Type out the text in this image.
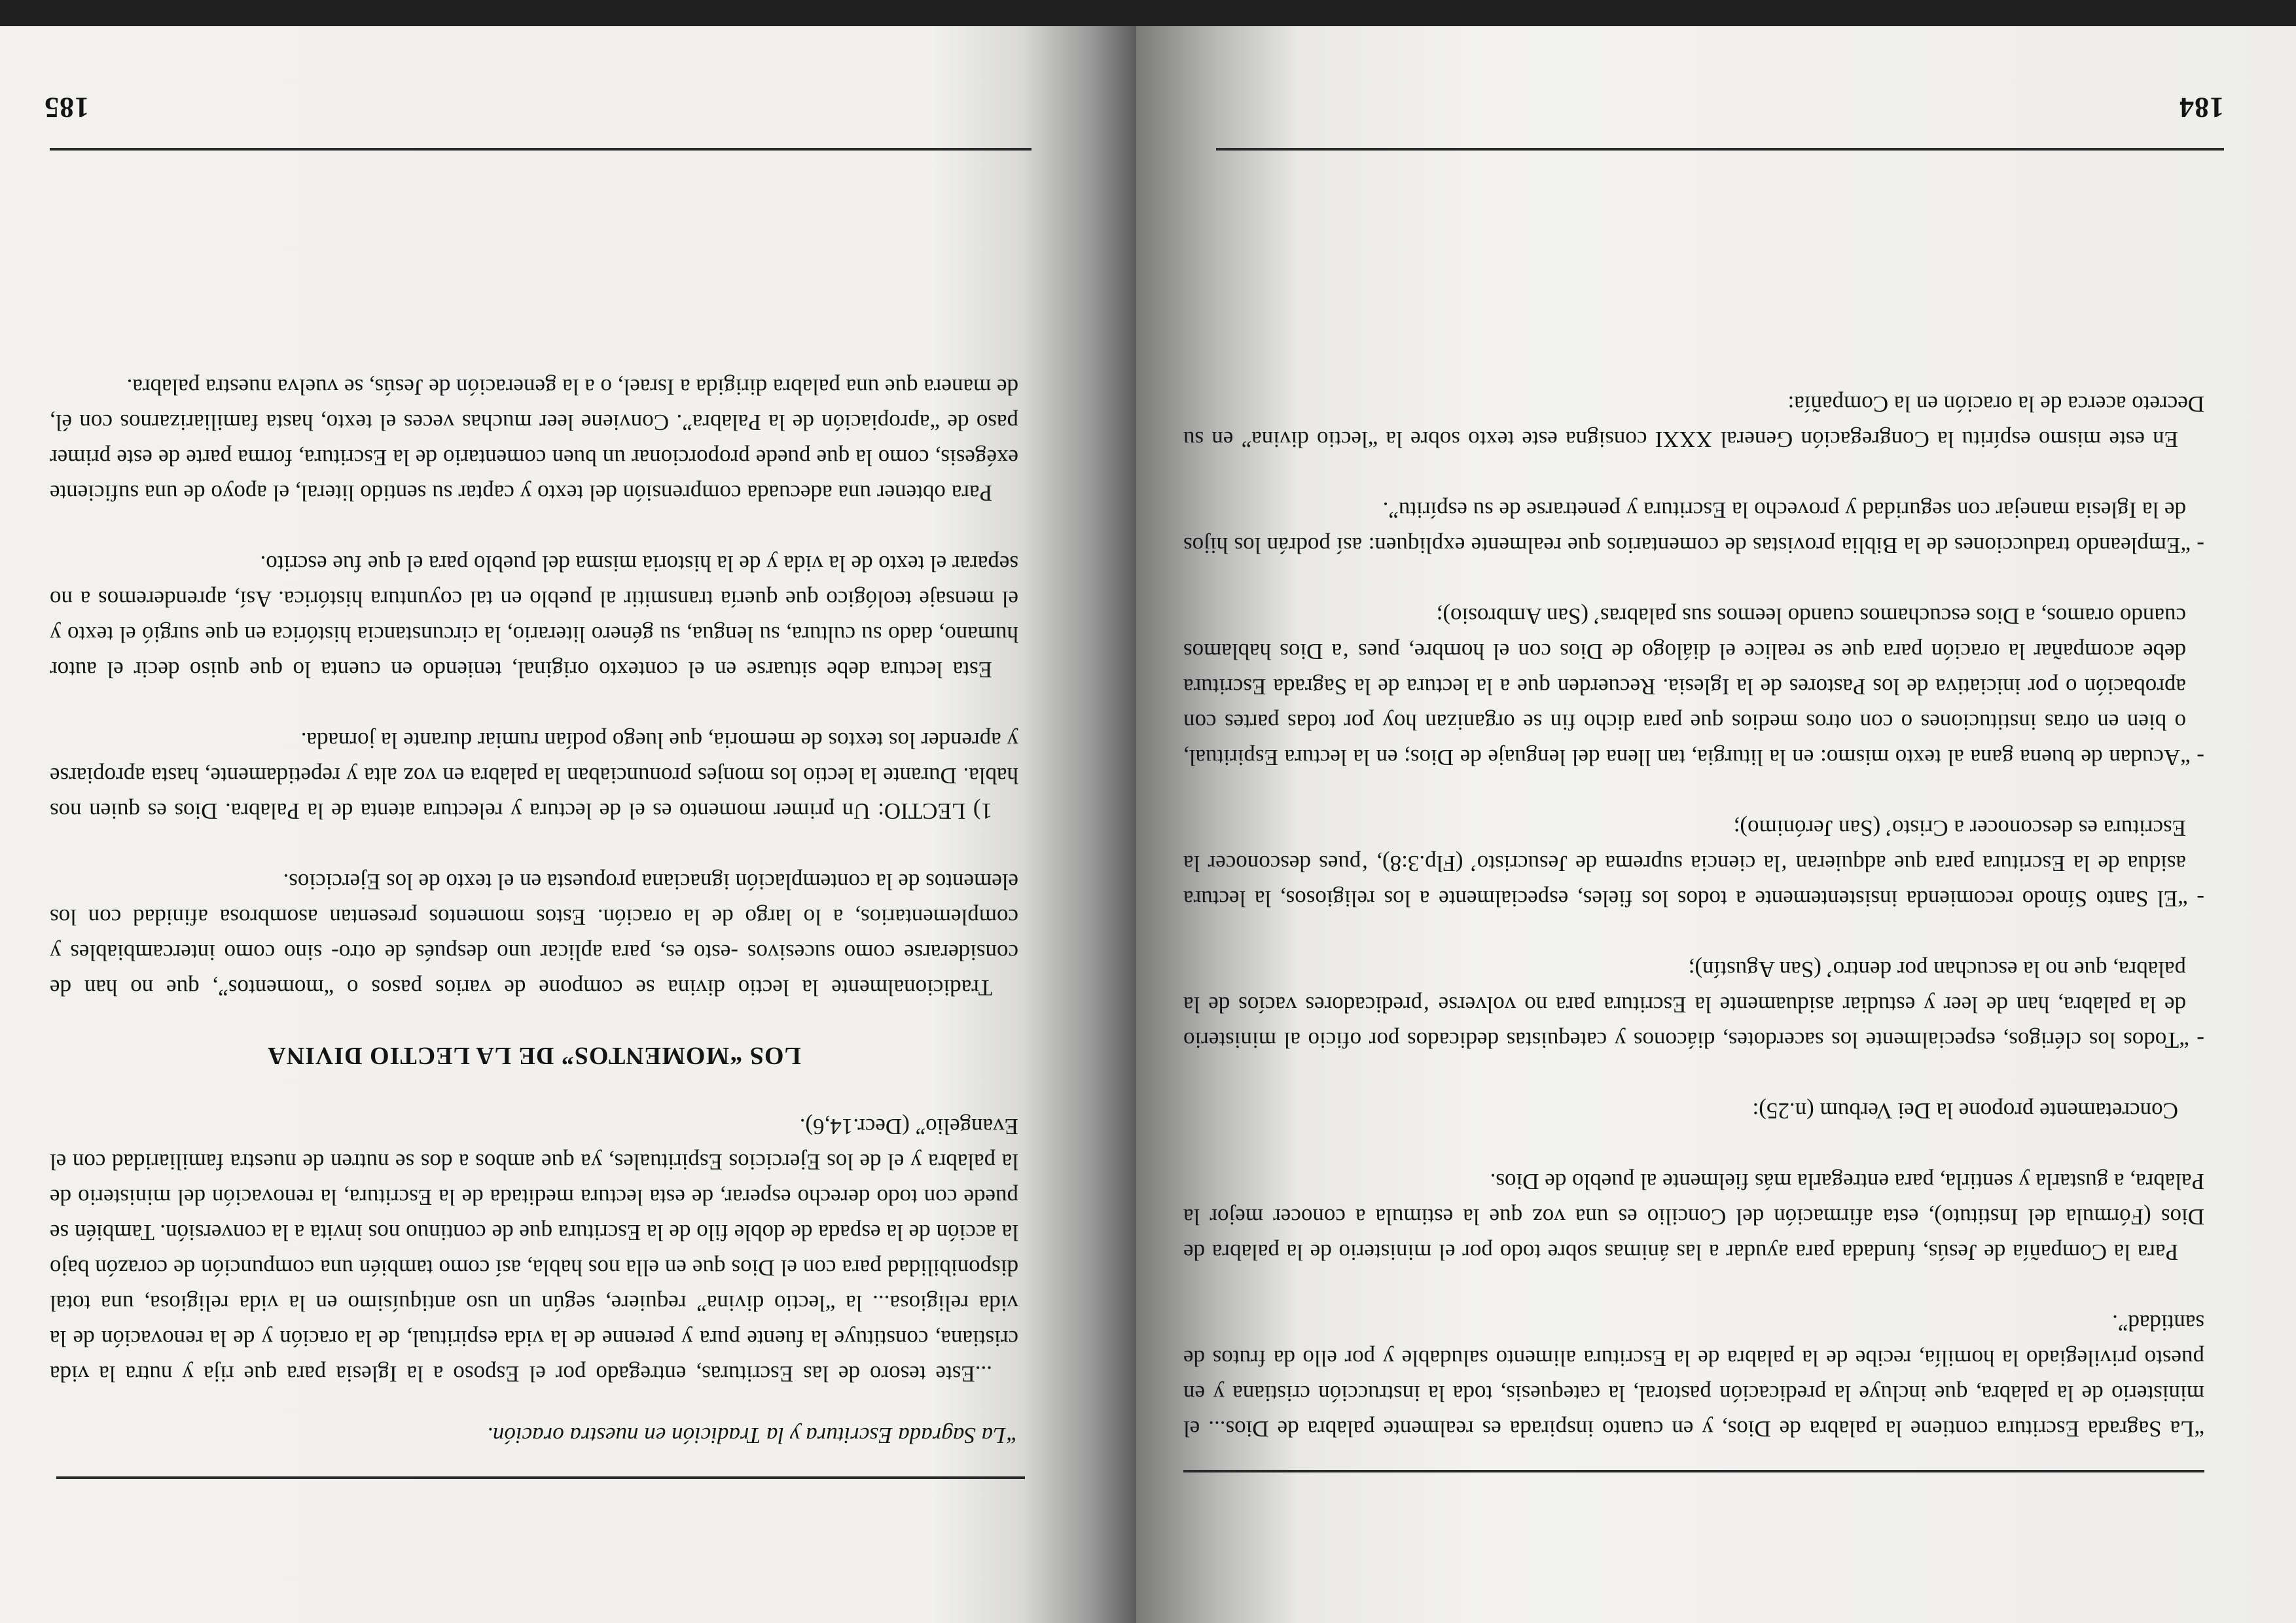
184

“La Sagrada Escritura contiene la palabra de Dios, y en cuanto inspirada es realmente palabra de Dios... el ministerio de la palabra, que incluye la predicación pastoral, la catequesis, toda la instrucción cristiana y en puesto privilegiado la homilía, recibe de la palabra de la Escritura alimento saludable y por ello da frutos de santidad”.

Para la Compañía de Jesús, fundada para ayudar a las ánimas sobre todo por el ministerio de la palabra de Dios (Fórmula del Instituto), esta afirmación del Concilio es una voz que la estimula a conocer mejor la Palabra, a gustarla y sentirla, para entregarla más fielmente al pueblo de Dios.

Concretamente propone la Dei Verbum (n.25):

- “Todos los clérigos, especialmente los sacerdotes, diáconos y catequistas dedicados por oficio al ministerio de la palabra, han de leer y estudiar asiduamente la Escritura para no volverse ‘predicadores vacíos de la palabra, que no la escuchan por dentro’ (San Agustín);

- “El Santo Sínodo recomienda insistentemente a todos los fieles, especialmente a los religiosos, la lectura asidua de la Escritura para que adquieran ‘la ciencia suprema de Jesucristo’ (Flp.3:8), ‘pues desconocer la Escritura es desconocer a Cristo’ (San Jerónimo);

- “Acudan de buena gana al texto mismo: en la liturgia, tan llena del lenguaje de Dios; en la lectura Espiritual, o bien en otras instituciones o con otros medios que para dicho fin se organizan hoy por todas partes con aprobación o por iniciativa de los Pastores de la Iglesia. Recuerden que a la lectura de la Sagrada Escritura debe acompañar la oración para que se realice el diálogo de Dios con el hombre, pues ‘a Dios hablamos cuando oramos, a Dios escuchamos cuando leemos sus palabras’ (San Ambrosio);

- “Empleando traducciones de la Biblia provistas de comentarios que realmente expliquen: así podrán los hijos de la Iglesia manejar con seguridad y provecho la Escritura y penetrarse de su espíritu”.

En este mismo espíritu la Congregación General XXXI consigna este texto sobre la “lectio divina” en su Decreto acerca de la oración en la Compañía:

185

“La Sagrada Escritura y la Tradición en nuestra oración.

...Este tesoro de las Escrituras, entregado por el Esposo a la Iglesia para que rija y nutra la vida cristiana, constituye la fuente pura y perenne de la vida espiritual, de la oración y de la renovación de la vida religiosa... la “lectio divina” requiere, según un uso antiquísimo en la vida religiosa, una total disponibilidad para con el Dios que en ella nos habla, así como también una compunción de corazón bajo la acción de la espada de doble filo de la Escritura que de continuo nos invita a la conversión. También se puede con todo derecho esperar, de esta lectura meditada de la Escritura, la renovación del ministerio de la palabra y el de los Ejercicios Espirituales, ya que ambos a dos se nutren de nuestra familiaridad con el Evangelio” (Decr.14,6).

LOS “MOMENTOS” DE LA LECTIO DIVINA

Tradicionalmente la lectio divina se compone de varios pasos o “momentos”, que no han de considerarse como sucesivos -esto es, para aplicar uno después de otro- sino como intercambiables y complementarios, a lo largo de la oración. Estos momentos presentan asombrosa afinidad con los elementos de la contemplación ignaciana propuesta en el texto de los Ejercicios.

1) LECTIO: Un primer momento es el de lectura y relectura atenta de la Palabra. Dios es quien nos habla. Durante la lectio los monjes pronunciaban la palabra en voz alta y repetidamente, hasta apropiarse y aprender los textos de memoria, que luego podían rumiar durante la jornada.

Esta lectura debe situarse en el contexto original, teniendo en cuenta lo que quiso decir el autor humano, dado su cultura, su lengua, su género literario, la circunstancia histórica en que surgió el texto y el mensaje teológico que quería transmitir al pueblo en tal coyuntura histórica. Así, aprenderemos a no separar el texto de la vida y de la historia misma del pueblo para el que fue escrito.

Para obtener una adecuada comprensión del texto y captar su sentido literal, el apoyo de una suficiente exégesis, como la que puede proporcionar un buen comentario de la Escritura, forma parte de este primer paso de “apropiación de la Palabra”. Conviene leer muchas veces el texto, hasta familiarizarnos con él, de manera que una palabra dirigida a Israel, o a la generación de Jesús, se vuelva nuestra palabra.
